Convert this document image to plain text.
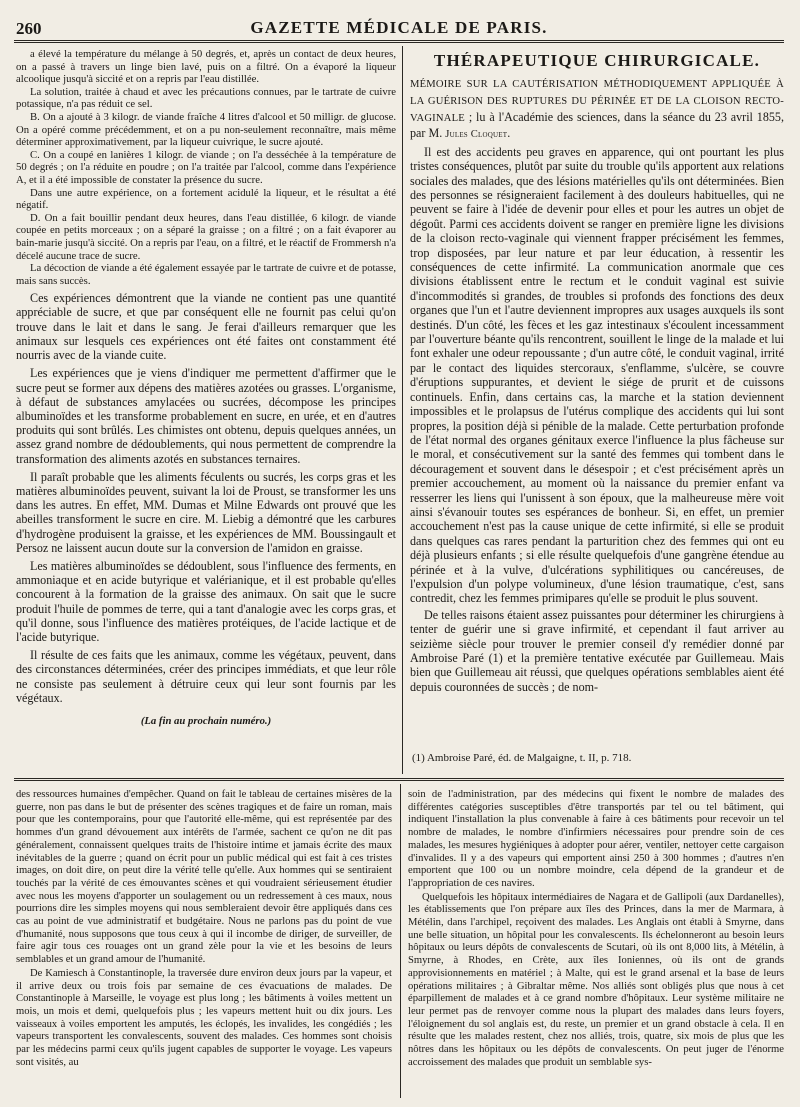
260	GAZETTE MÉDICALE DE PARIS.

a élevé la température du mélange à 50 degrés, et, après un contact de deux heures, on a passé à travers un linge bien lavé, puis on a filtré. On a évaporé la liqueur alcoolique jusqu'à siccité et on a repris par l'eau distillée.

La solution, traitée à chaud et avec les précautions connues, par le tartrate de cuivre potassique, n'a pas réduit ce sel.

B. On a ajouté à 3 kilogr. de viande fraîche 4 litres d'alcool et 50 milligr. de glucose. On a opéré comme précédemment, et on a pu non-seulement reconnaître, mais même déterminer approximativement, par la liqueur cuivrique, le sucre ajouté.

C. On a coupé en lanières 1 kilogr. de viande ; on l'a desséchée à la température de 50 degrés ; on l'a réduite en poudre ; on l'a traitée par l'alcool, comme dans l'expérience A, et il a été impossible de constater la présence du sucre.

Dans une autre expérience, on a fortement acidulé la liqueur, et le résultat a été négatif.

D. On a fait bouillir pendant deux heures, dans l'eau distillée, 6 kilogr. de viande coupée en petits morceaux ; on a séparé la graisse ; on a filtré ; on a fait évaporer au bain-marie jusqu'à siccité. On a repris par l'eau, on a filtré, et le réactif de Frommersh n'a décelé aucune trace de sucre.

La décoction de viande a été également essayée par le tartrate de cuivre et de potasse, mais sans succès.

Ces expériences démontrent que la viande ne contient pas une quantité appréciable de sucre, et que par conséquent elle ne fournit pas celui qu'on trouve dans le lait et dans le sang. Je ferai d'ailleurs remarquer que les animaux sur lesquels ces expériences ont été faites ont constamment été nourris avec de la viande cuite.

Les expériences que je viens d'indiquer me permettent d'affirmer que le sucre peut se former aux dépens des matières azotées ou grasses. L'organisme, à défaut de substances amylacées ou sucrées, décompose les principes albuminoïdes et les transforme probablement en sucre, en urée, et en d'autres produits qui sont brûlés. Les chimistes ont obtenu, depuis quelques années, un assez grand nombre de dédoublements, qui nous permettent de comprendre la transformation des aliments azotés en substances ternaires.

Il paraît probable que les aliments féculents ou sucrés, les corps gras et les matières albuminoïdes peuvent, suivant la loi de Proust, se transformer les uns dans les autres. En effet, MM. Dumas et Milne Edwards ont prouvé que les abeilles transforment le sucre en cire. M. Liebig a démontré que les carbures d'hydrogène produisent la graisse, et les expériences de MM. Boussingault et Persoz ne laissent aucun doute sur la conversion de l'amidon en graisse.

Les matières albuminoïdes se dédoublent, sous l'influence des ferments, en ammoniaque et en acide butyrique et valérianique, et il est probable qu'elles concourent à la formation de la graisse des animaux. On sait que le sucre produit l'huile de pommes de terre, qui a tant d'analogie avec les corps gras, et qu'il donne, sous l'influence des matières protéiques, de l'acide lactique et de l'acide butyrique.

Il résulte de ces faits que les animaux, comme les végétaux, peuvent, dans des circonstances déterminées, créer des principes immédiats, et que leur rôle ne consiste pas seulement à détruire ceux qui leur sont fournis par les végétaux.

(La fin au prochain numéro.)

THÉRAPEUTIQUE CHIRURGICALE.

MÉMOIRE SUR LA CAUTÉRISATION MÉTHODIQUEMENT APPLIQUÉE À LA GUÉRISON DES RUPTURES DU PÉRINÉE ET DE LA CLOISON RECTO-VAGINALE ; lu à l'Académie des sciences, dans la séance du 23 avril 1855, par M. Jules Cloquet.

Il est des accidents peu graves en apparence, qui ont pourtant les plus tristes conséquences, plutôt par suite du trouble qu'ils apportent aux relations sociales des malades, que des lésions matérielles qu'ils ont déterminées. Bien des personnes se résigneraient facilement à des douleurs habituelles, qui ne peuvent se faire à l'idée de devenir pour elles et pour les autres un objet de dégoût. Parmi ces accidents doivent se ranger en première ligne les divisions de la cloison recto-vaginale qui viennent frapper précisément les femmes, trop disposées, par leur nature et par leur éducation, à ressentir les conséquences de cette infirmité. La communication anormale que ces divisions établissent entre le rectum et le conduit vaginal est suivie d'incommodités si grandes, de troubles si profonds des fonctions des deux organes que l'un et l'autre deviennent impropres aux usages auxquels ils sont destinés. D'un côté, les fèces et les gaz intestinaux s'écoulent incessamment par l'ouverture béante qu'ils rencontrent, souillent le linge de la malade et lui font exhaler une odeur repoussante ; d'un autre côté, le conduit vaginal, irrité par le contact des liquides stercoraux, s'enflamme, s'ulcère, se couvre d'éruptions suppurantes, et devient le siége de prurit et de cuissons continuels. Enfin, dans certains cas, la marche et la station deviennent impossibles et le prolapsus de l'utérus complique des accidents qui lui sont propres, la position déjà si pénible de la malade. Cette perturbation profonde de l'état normal des organes génitaux exerce l'influence la plus fâcheuse sur le moral, et consécutivement sur la santé des femmes qui tombent dans le découragement et souvent dans le désespoir ; et c'est précisément après un premier accouchement, au moment où la naissance du premier enfant va resserrer les liens qui l'unissent à son époux, que la malheureuse mère voit ainsi s'évanouir toutes ses espérances de bonheur. Si, en effet, un premier accouchement n'est pas la cause unique de cette infirmité, si elle se produit dans quelques cas rares pendant la parturition chez des femmes qui ont eu déjà plusieurs enfants ; si elle résulte quelquefois d'une gangrène étendue au périnée et à la vulve, d'ulcérations syphilitiques ou cancéreuses, de l'expulsion d'un polype volumineux, d'une lésion traumatique, c'est, sans contredit, chez les femmes primipares qu'elle se produit le plus souvent.

De telles raisons étaient assez puissantes pour déterminer les chirurgiens à tenter de guérir une si grave infirmité, et cependant il faut arriver au seizième siècle pour trouver le premier conseil d'y remédier donné par Ambroise Paré (1) et la première tentative exécutée par Guillemeau. Mais bien que Guillemeau ait réussi, que quelques opérations semblables aient été depuis couronnées de succès ; de nom-

(1) Ambroise Paré, éd. de Malgaigne, t. II, p. 718.

des ressources humaines d'empêcher. Quand on fait le tableau de certaines misères de la guerre, non pas dans le but de présenter des scènes tragiques et de faire un roman, mais pour que les contemporains, pour que l'autorité elle-même, qui est représentée par des hommes d'un grand dévouement aux intérêts de l'armée, sachent ce qu'on ne dit pas généralement, connaissent quelques traits de l'histoire intime et jamais écrite des maux inévitables de la guerre ; quand on écrit pour un public médical qui est fait à ces tristes images, on doit dire, on peut dire la vérité telle qu'elle. Aux hommes qui se sentiraient touchés par la vérité de ces émouvantes scènes et qui voudraient sérieusement étudier avec nous les moyens d'apporter un soulagement ou un redressement à ces maux, nous pourrions dire les simples moyens qui nous sembleraient devoir être appliqués dans ces cas au point de vue administratif et budgétaire. Nous ne parlons pas du point de vue d'humanité, nous supposons que tous ceux à qui il incombe de diriger, de surveiller, de faire agir tous ces rouages ont un grand zèle pour la vie et les besoins de leurs semblables et un grand amour de l'humanité.

De Kamiesch à Constantinople, la traversée dure environ deux jours par la vapeur, et il arrive deux ou trois fois par semaine de ces évacuations de malades. De Constantinople à Marseille, le voyage est plus long ; les bâtiments à voiles mettent un mois, un mois et demi, quelquefois plus ; les vapeurs mettent huit ou dix jours. Les vaisseaux à voiles emportent les amputés, les éclopés, les invalides, les congédiés ; les vapeurs transportent les convalescents, souvent des malades. Ces hommes sont choisis par les médecins parmi ceux qu'ils jugent capables de supporter le voyage. Les vapeurs sont visités, au

soin de l'administration, par des médecins qui fixent le nombre de malades des différentes catégories susceptibles d'être transportés par tel ou tel bâtiment, qui indiquent l'installation la plus convenable à faire à ces bâtiments pour recevoir un tel nombre de malades, le nombre d'infirmiers nécessaires pour prendre soin de ces malades, les mesures hygiéniques à adopter pour aérer, ventiler, nettoyer cette cargaison d'invalides. Il y a des vapeurs qui emportent ainsi 250 à 300 hommes ; d'autres n'en emportent que 100 ou un nombre moindre, cela dépend de la grandeur et de l'appropriation de ces navires.

Quelquefois les hôpitaux intermédiaires de Nagara et de Gallipoli (aux Dardanelles), les établissements que l'on prépare aux îles des Princes, dans la mer de Marmara, à Métélin, dans l'archipel, reçoivent des malades. Les Anglais ont établi à Smyrne, dans une belle situation, un hôpital pour les convalescents. Ils échelonneront au besoin leurs hôpitaux ou leurs dépôts de convalescents de Scutari, où ils ont 8,000 lits, à Métélin, à Smyrne, à Rhodes, en Crète, aux îles Ioniennes, où ils ont de grands approvisionnements en matériel ; à Malte, qui est le grand arsenal et la base de leurs opérations militaires ; à Gibraltar même. Nos alliés sont obligés plus que nous à cet éparpillement de malades et à ce grand nombre d'hôpitaux. Leur système militaire ne leur permet pas de renvoyer comme nous la plupart des malades dans leurs foyers, l'éloignement du sol anglais est, du reste, un premier et un grand obstacle à cela. Il en résulte que les malades restent, chez nos alliés, trois, quatre, six mois de plus que les nôtres dans les hôpitaux ou les dépôts de convalescents. On peut juger de l'énorme accroissement des malades que produit un semblable sys-
